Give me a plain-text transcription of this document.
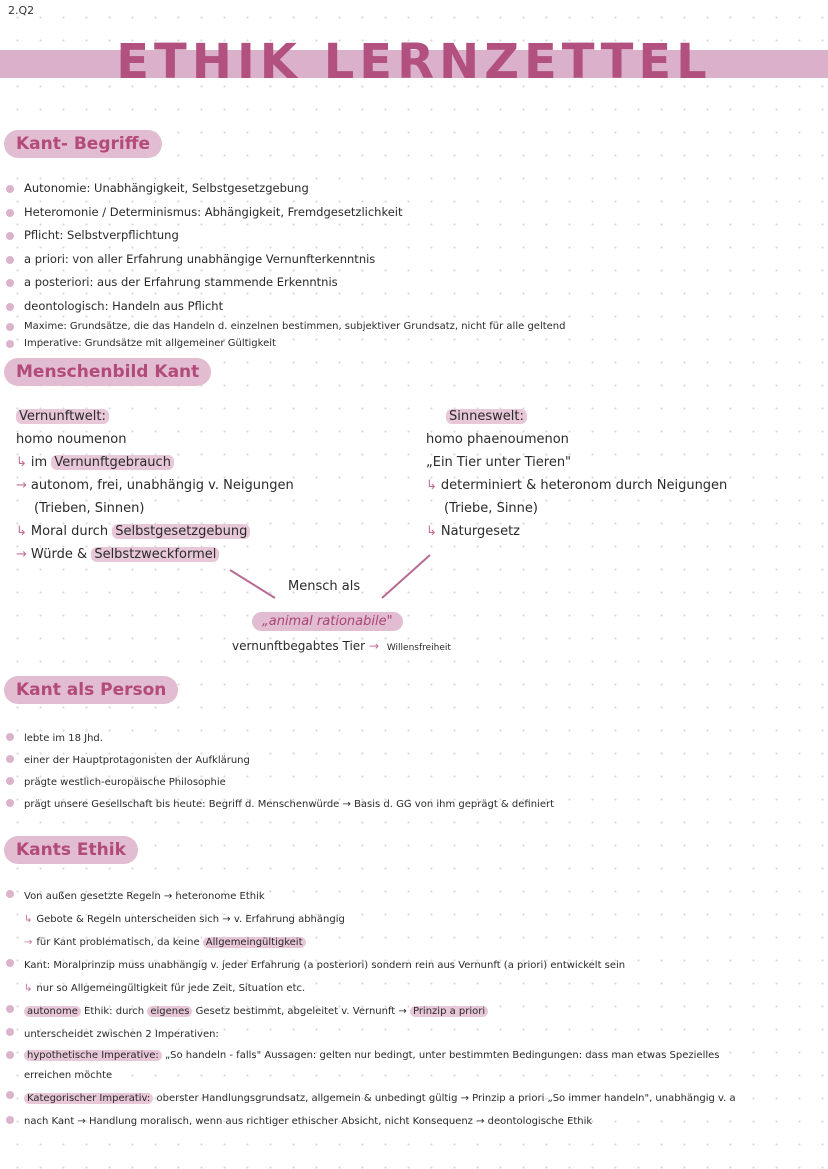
2.Q2
ETHIK LERNZETTEL
Kant- Begriffe
Autonomie: Unabhängigkeit, Selbstgesetzgebung
Heteromonie / Determinismus: Abhängigkeit, Fremdgesetzlichkeit
Pflicht: Selbstverpflichtung
a priori: von aller Erfahrung unabhängige Vernunfterkenntnis
a posteriori: aus der Erfahrung stammende Erkenntnis
deontologisch: Handeln aus Pflicht
Maxime: Grundsätze, die das Handeln d. einzelnen bestimmen, subjektiver Grundsatz, nicht für alle geltend
Imperative: Grundsätze mit allgemeiner Gültigkeit
Menschenbild Kant
Vernunftwelt:
homo noumenon
↳ im Vernunftgebrauch
→ autonom, frei, unabhängig v. Neigungen
(Trieben, Sinnen)
↳ Moral durch Selbstgesetzgebung
→ Würde & Selbstzweckformel
Sinneswelt:
homo phaenoumenon
„Ein Tier unter Tieren"
↳ determiniert & heteronom durch Neigungen
(Triebe, Sinne)
↳ Naturgesetz
Mensch als
„animal rationabile"
vernunftbegabtes Tier → Willensfreiheit
Kant als Person
lebte im 18 Jhd.
einer der Hauptprotagonisten der Aufklärung
prägte westlich-europäische Philosophie
prägt unsere Gesellschaft bis heute: Begriff d. Menschenwürde → Basis d. GG von ihm geprägt & definiert
Kants Ethik
Von außen gesetzte Regeln → heteronome Ethik
↳ Gebote & Regeln unterscheiden sich → v. Erfahrung abhängig
→ für Kant problematisch, da keine Allgemeingültigkeit
Kant: Moralprinzip muss unabhängig v. jeder Erfahrung (a posteriori) sondern rein aus Vernunft (a priori) entwickelt sein
↳ nur so Allgemeingültigkeit für jede Zeit, Situation etc.
autonome Ethik: durch eigenes Gesetz bestimmt, abgeleitet v. Vernunft → Prinzip a priori
unterscheidet zwischen 2 Imperativen:
hypothetische Imperative: „So handeln - falls" Aussagen: gelten nur bedingt, unter bestimmten Bedingungen: dass man etwas Spezielles
erreichen möchte
Kategorischer Imperativ: oberster Handlungsgrundsatz, allgemein & unbedingt gültig → Prinzip a priori „So immer handeln", unabhängig v. a
nach Kant → Handlung moralisch, wenn aus richtiger ethischer Absicht, nicht Konsequenz → deontologische Ethik
